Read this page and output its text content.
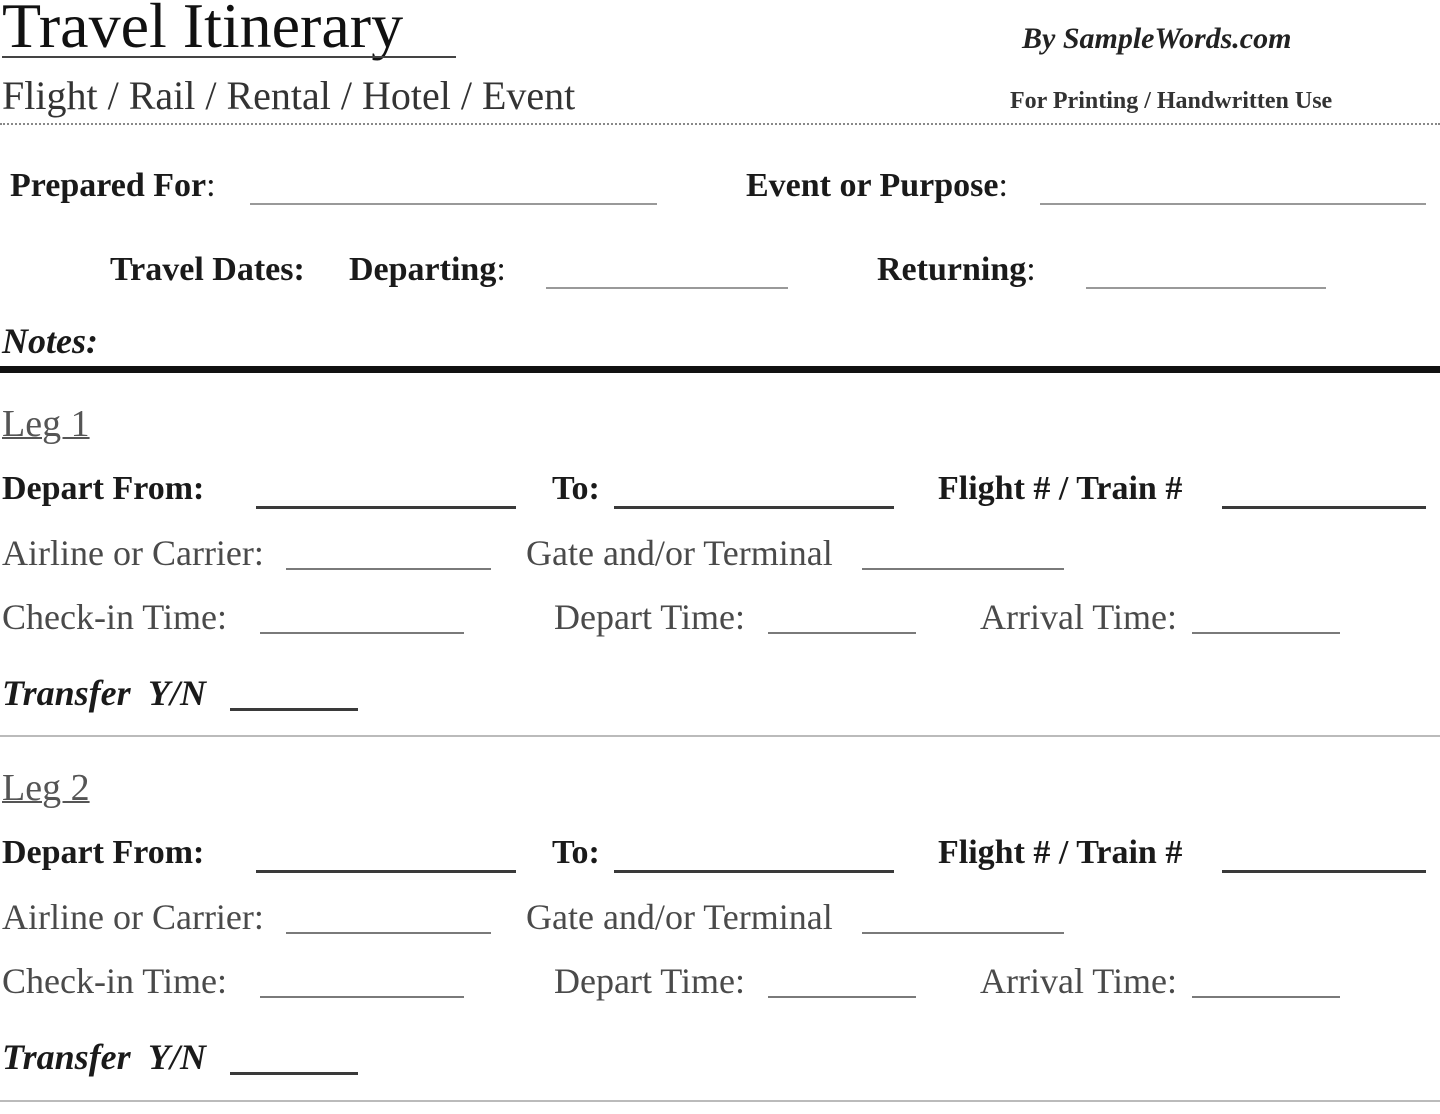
Travel Itinerary
Flight / Rail / Rental / Hotel / Event
By SampleWords.com
For Printing / Handwritten Use
Prepared For:	Event or Purpose:
Travel Dates: Departing:	Returning:
Notes:
Leg 1
Depart From:	To:	Flight # / Train #
Airline or Carrier:	Gate and/or Terminal
Check-in Time:	Depart Time:	Arrival Time:
Transfer  Y/N
Leg 2
Depart From:	To:	Flight # / Train #
Airline or Carrier:	Gate and/or Terminal
Check-in Time:	Depart Time:	Arrival Time:
Transfer  Y/N
